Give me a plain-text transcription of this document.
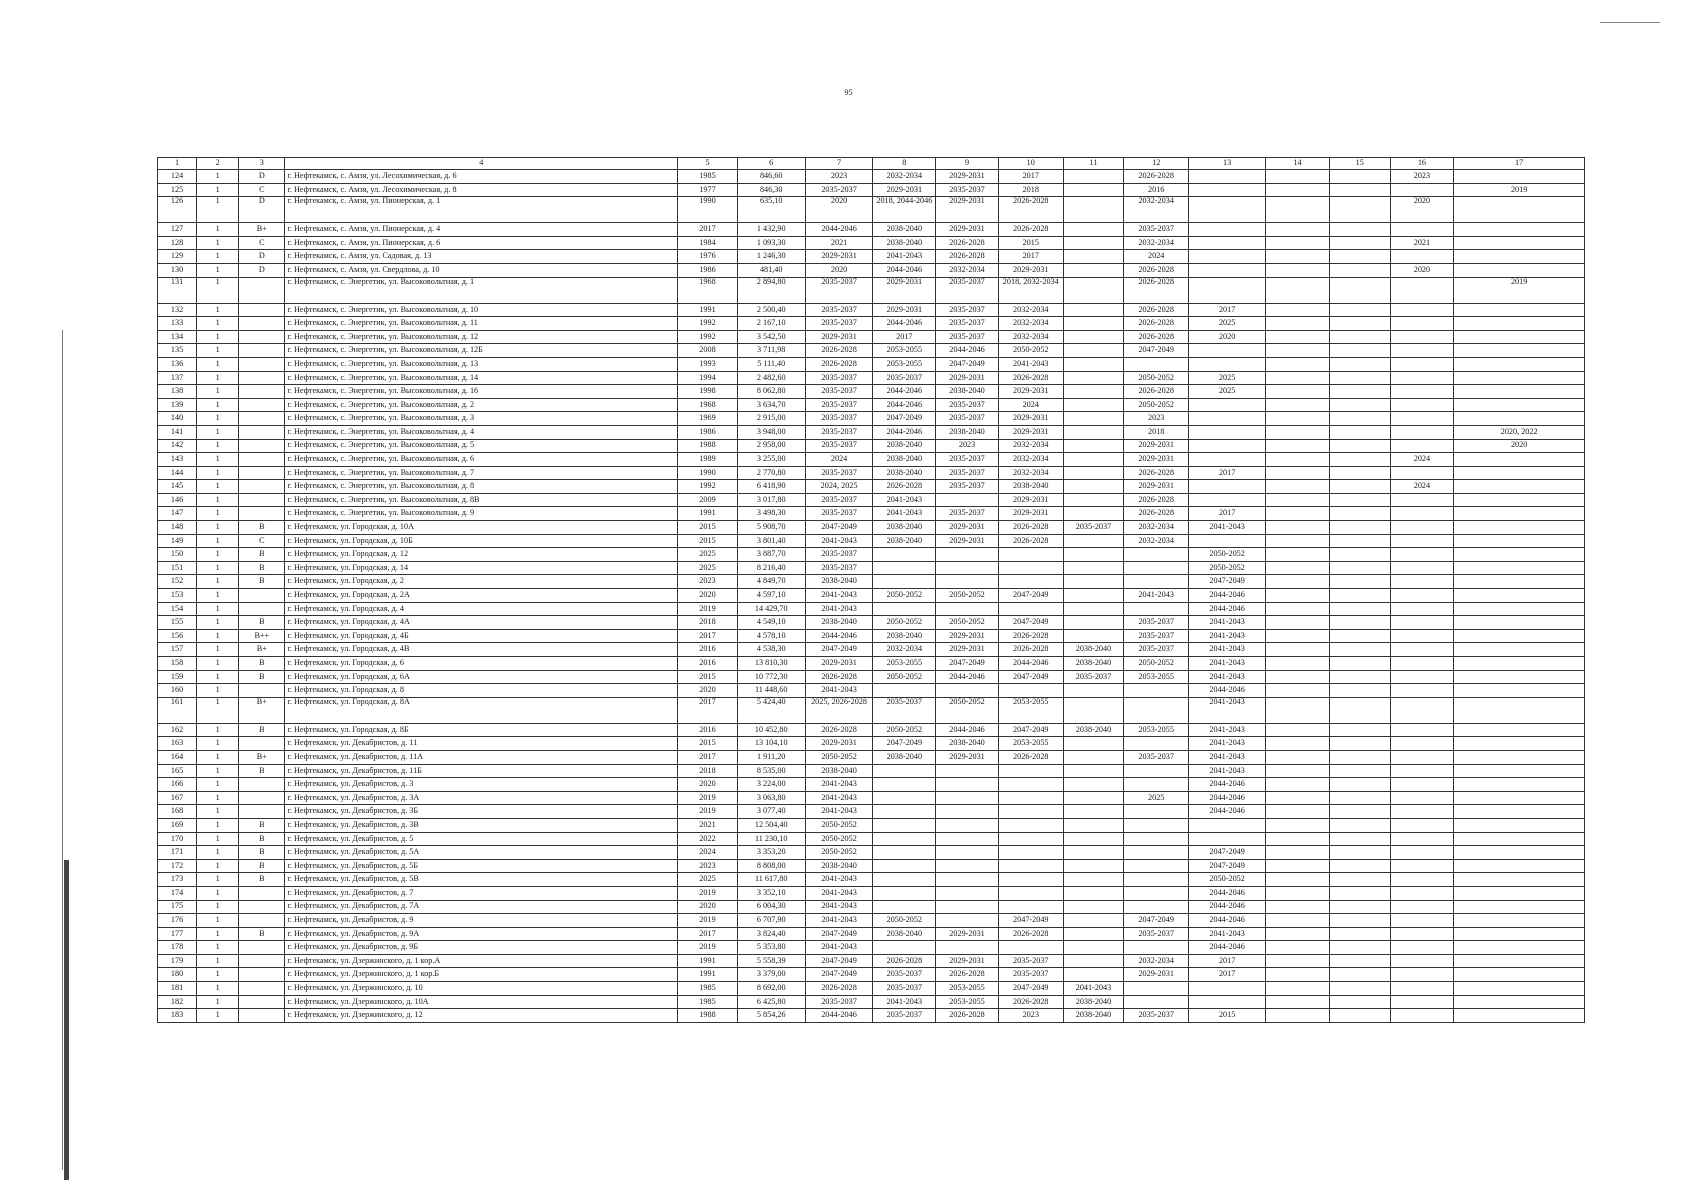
95
1	2	3	4	5	6	7	8	9	10	11	12	13	14	15	16	17
124	1	D	г. Нефтекамск, с. Амзя, ул. Лесохимическая, д. 6	1985	846,60	2023	2032-2034	2029-2031	2017		2026-2028				2023	
125	1	C	г. Нефтекамск, с. Амзя, ул. Лесохимическая, д. 8	1977	846,30	2035-2037	2029-2031	2035-2037	2018		2016					2019
126	1	D	г. Нефтекамск, с. Амзя, ул. Пионерская, д. 1	1990	635,10	2020	2018, 2044-2046	2029-2031	2026-2028		2032-2034				2020	
127	1	B+	г. Нефтекамск, с. Амзя, ул. Пионерская, д. 4	2017	1 432,90	2044-2046	2038-2040	2029-2031	2026-2028		2035-2037					
128	1	C	г. Нефтекамск, с. Амзя, ул. Пионерская, д. 6	1984	1 093,30	2021	2038-2040	2026-2028	2015		2032-2034				2021	
129	1	D	г. Нефтекамск, с. Амзя, ул. Садовая, д. 13	1976	1 246,30	2029-2031	2041-2043	2026-2028	2017		2024					
130	1	D	г. Нефтекамск, с. Амзя, ул. Свердлова, д. 10	1986	481,40	2020	2044-2046	2032-2034	2029-2031		2026-2028				2020	
131	1		г. Нефтекамск, с. Энергетик, ул. Высоковольтная, д. 1	1968	2 894,80	2035-2037	2029-2031	2035-2037	2018, 2032-2034		2026-2028					2019
132	1		г. Нефтекамск, с. Энергетик, ул. Высоковольтная, д. 10	1991	2 500,40	2035-2037	2029-2031	2035-2037	2032-2034		2026-2028	2017				
133	1		г. Нефтекамск, с. Энергетик, ул. Высоковольтная, д. 11	1992	2 167,10	2035-2037	2044-2046	2035-2037	2032-2034		2026-2028	2025				
134	1		г. Нефтекамск, с. Энергетик, ул. Высоковольтная, д. 12	1992	3 542,50	2029-2031	2017	2035-2037	2032-2034		2026-2028	2020				
135	1		г. Нефтекамск, с. Энергетик, ул. Высоковольтная, д. 12Б	2008	3 711,98	2026-2028	2053-2055	2044-2046	2050-2052		2047-2049					
136	1		г. Нефтекамск, с. Энергетик, ул. Высоковольтная, д. 13	1993	5 111,40	2026-2028	2053-2055	2047-2049	2041-2043							
137	1		г. Нефтекамск, с. Энергетик, ул. Высоковольтная, д. 14	1994	2 482,60	2035-2037	2035-2037	2029-2031	2026-2028		2050-2052	2025				
138	1		г. Нефтекамск, с. Энергетик, ул. Высоковольтная, д. 16	1998	8 062,80	2035-2037	2044-2046	2038-2040	2029-2031		2026-2028	2025				
139	1		г. Нефтекамск, с. Энергетик, ул. Высоковольтная, д. 2	1968	3 634,70	2035-2037	2044-2046	2035-2037	2024		2050-2052					
140	1		г. Нефтекамск, с. Энергетик, ул. Высоковольтная, д. 3	1969	2 915,00	2035-2037	2047-2049	2035-2037	2029-2031		2023					
141	1		г. Нефтекамск, с. Энергетик, ул. Высоковольтная, д. 4	1986	3 948,00	2035-2037	2044-2046	2038-2040	2029-2031		2018					2020, 2022
142	1		г. Нефтекамск, с. Энергетик, ул. Высоковольтная, д. 5	1988	2 958,00	2035-2037	2038-2040	2023	2032-2034		2029-2031					2020
143	1		г. Нефтекамск, с. Энергетик, ул. Высоковольтная, д. 6	1989	3 255,00	2024	2038-2040	2035-2037	2032-2034		2029-2031				2024	
144	1		г. Нефтекамск, с. Энергетик, ул. Высоковольтная, д. 7	1990	2 770,80	2035-2037	2038-2040	2035-2037	2032-2034		2026-2028	2017				
145	1		г. Нефтекамск, с. Энергетик, ул. Высоковольтная, д. 8	1992	6 418,90	2024, 2025	2026-2028	2035-2037	2038-2040		2029-2031				2024	
146	1		г. Нефтекамск, с. Энергетик, ул. Высоковольтная, д. 8В	2009	3 017,80	2035-2037	2041-2043		2029-2031		2026-2028					
147	1		г. Нефтекамск, с. Энергетик, ул. Высоковольтная, д. 9	1991	3 498,30	2035-2037	2041-2043	2035-2037	2029-2031		2026-2028	2017				
148	1	B	г. Нефтекамск, ул. Городская, д. 10А	2015	5 908,70	2047-2049	2038-2040	2029-2031	2026-2028	2035-2037	2032-2034	2041-2043				
149	1	C	г. Нефтекамск, ул. Городская, д. 10Б	2015	3 801,40	2041-2043	2038-2040	2029-2031	2026-2028		2032-2034					
150	1	B	г. Нефтекамск, ул. Городская, д. 12	2025	3 887,70	2035-2037						2050-2052				
151	1	B	г. Нефтекамск, ул. Городская, д. 14	2025	8 216,40	2035-2037						2050-2052				
152	1	B	г. Нефтекамск, ул. Городская, д. 2	2023	4 849,70	2038-2040						2047-2049				
153	1		г. Нефтекамск, ул. Городская, д. 2А	2020	4 597,10	2041-2043	2050-2052	2050-2052	2047-2049		2041-2043	2044-2046				
154	1		г. Нефтекамск, ул. Городская, д. 4	2019	14 429,70	2041-2043						2044-2046				
155	1	B	г. Нефтекамск, ул. Городская, д. 4А	2018	4 549,10	2038-2040	2050-2052	2050-2052	2047-2049		2035-2037	2041-2043				
156	1	B++	г. Нефтекамск, ул. Городская, д. 4Б	2017	4 578,10	2044-2046	2038-2040	2029-2031	2026-2028		2035-2037	2041-2043				
157	1	B+	г. Нефтекамск, ул. Городская, д. 4В	2016	4 538,30	2047-2049	2032-2034	2029-2031	2026-2028	2038-2040	2035-2037	2041-2043				
158	1	B	г. Нефтекамск, ул. Городская, д. 6	2016	13 810,30	2029-2031	2053-2055	2047-2049	2044-2046	2038-2040	2050-2052	2041-2043				
159	1	B	г. Нефтекамск, ул. Городская, д. 6А	2015	10 772,30	2026-2028	2050-2052	2044-2046	2047-2049	2035-2037	2053-2055	2041-2043				
160	1		г. Нефтекамск, ул. Городская, д. 8	2020	11 448,60	2041-2043						2044-2046				
161	1	B+	г. Нефтекамск, ул. Городская, д. 8А	2017	5 424,40	2025, 2026-2028	2035-2037	2050-2052	2053-2055			2041-2043				
162	1	B	г. Нефтекамск, ул. Городская, д. 8Б	2016	10 452,80	2026-2028	2050-2052	2044-2046	2047-2049	2038-2040	2053-2055	2041-2043				
163	1		г. Нефтекамск, ул. Декабристов, д. 11	2015	13 104,10	2029-2031	2047-2049	2038-2040	2053-2055			2041-2043				
164	1	B+	г. Нефтекамск, ул. Декабристов, д. 11А	2017	1 911,20	2050-2052	2038-2040	2029-2031	2026-2028		2035-2037	2041-2043				
165	1	B	г. Нефтекамск, ул. Декабристов, д. 11Б	2018	8 535,00	2038-2040						2041-2043				
166	1		г. Нефтекамск, ул. Декабристов, д. 3	2020	3 224,00	2041-2043						2044-2046				
167	1		г. Нефтекамск, ул. Декабристов, д. 3А	2019	3 063,80	2041-2043					2025	2044-2046				
168	1		г. Нефтекамск, ул. Декабристов, д. 3Б	2019	3 077,40	2041-2043						2044-2046				
169	1	B	г. Нефтекамск, ул. Декабристов, д. 3В	2021	12 504,40	2050-2052										
170	1	B	г. Нефтекамск, ул. Декабристов, д. 5	2022	11 230,10	2050-2052										
171	1	B	г. Нефтекамск, ул. Декабристов, д. 5А	2024	3 353,20	2050-2052						2047-2049				
172	1	B	г. Нефтекамск, ул. Декабристов, д. 5Б	2023	8 808,00	2038-2040						2047-2049				
173	1	B	г. Нефтекамск, ул. Декабристов, д. 5В	2025	11 617,80	2041-2043						2050-2052				
174	1		г. Нефтекамск, ул. Декабристов, д. 7	2019	3 352,10	2041-2043						2044-2046				
175	1		г. Нефтекамск, ул. Декабристов, д. 7А	2020	6 004,30	2041-2043						2044-2046				
176	1		г. Нефтекамск, ул. Декабристов, д. 9	2019	6 707,90	2041-2043	2050-2052		2047-2049		2047-2049	2044-2046				
177	1	B	г. Нефтекамск, ул. Декабристов, д. 9А	2017	3 824,40	2047-2049	2038-2040	2029-2031	2026-2028		2035-2037	2041-2043				
178	1		г. Нефтекамск, ул. Декабристов, д. 9Б	2019	5 353,80	2041-2043						2044-2046				
179	1		г. Нефтекамск, ул. Дзержинского, д. 1 кор.А	1991	5 558,39	2047-2049	2026-2028	2029-2031	2035-2037		2032-2034	2017				
180	1		г. Нефтекамск, ул. Дзержинского, д. 1 кор.Б	1991	3 379,00	2047-2049	2035-2037	2026-2028	2035-2037		2029-2031	2017				
181	1		г. Нефтекамск, ул. Дзержинского, д. 10	1985	8 692,00	2026-2028	2035-2037	2053-2055	2047-2049	2041-2043						
182	1		г. Нефтекамск, ул. Дзержинского, д. 10А	1985	6 425,80	2035-2037	2041-2043	2053-2055	2026-2028	2038-2040						
183	1		г. Нефтекамск, ул. Дзержинского, д. 12	1988	5 854,26	2044-2046	2035-2037	2026-2028	2023	2038-2040	2035-2037	2015				
